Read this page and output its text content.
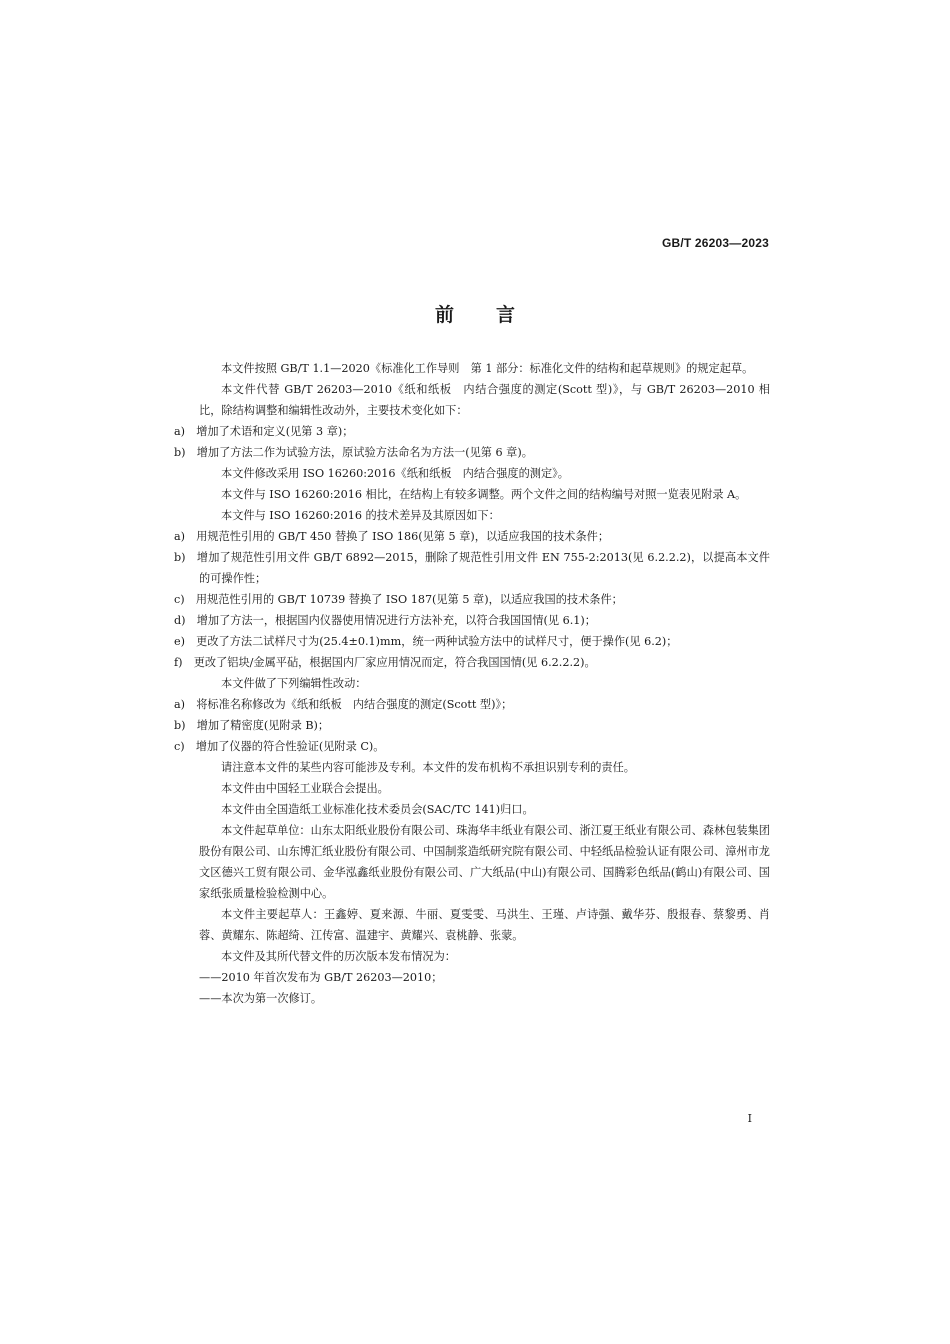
GB/T 26203—2023
前 言

本文件按照 GB/T 1.1—2020《标准化工作导则　第 1 部分：标准化文件的结构和起草规则》的规定起草。

本文件代替 GB/T 26203—2010《纸和纸板　内结合强度的测定(Scott 型)》，与 GB/T 26203—2010 相比，除结构调整和编辑性改动外，主要技术变化如下：

a)　增加了术语和定义(见第 3 章)；

b)　增加了方法二作为试验方法，原试验方法命名为方法一(见第 6 章)。

本文件修改采用 ISO 16260:2016《纸和纸板　内结合强度的测定》。

本文件与 ISO 16260:2016 相比，在结构上有较多调整。两个文件之间的结构编号对照一览表见附录 A。

本文件与 ISO 16260:2016 的技术差异及其原因如下：

a)　用规范性引用的 GB/T 450 替换了 ISO 186(见第 5 章)，以适应我国的技术条件；

b)　增加了规范性引用文件 GB/T 6892—2015，删除了规范性引用文件 EN 755-2:2013(见 6.2.2.2)，以提高本文件的可操作性；

c)　用规范性引用的 GB/T 10739 替换了 ISO 187(见第 5 章)，以适应我国的技术条件；

d)　增加了方法一，根据国内仪器使用情况进行方法补充，以符合我国国情(见 6.1)；

e)　更改了方法二试样尺寸为(25.4±0.1)mm，统一两种试验方法中的试样尺寸，便于操作(见 6.2)；

f)　更改了铝块/金属平砧，根据国内厂家应用情况而定，符合我国国情(见 6.2.2.2)。

本文件做了下列编辑性改动：

a)　将标准名称修改为《纸和纸板　内结合强度的测定(Scott 型)》；

b)　增加了精密度(见附录 B)；

c)　增加了仪器的符合性验证(见附录 C)。

请注意本文件的某些内容可能涉及专利。本文件的发布机构不承担识别专利的责任。

本文件由中国轻工业联合会提出。

本文件由全国造纸工业标准化技术委员会(SAC/TC 141)归口。

本文件起草单位：山东太阳纸业股份有限公司、珠海华丰纸业有限公司、浙江夏王纸业有限公司、森林包装集团股份有限公司、山东博汇纸业股份有限公司、中国制浆造纸研究院有限公司、中轻纸品检验认证有限公司、漳州市龙文区德兴工贸有限公司、金华泓鑫纸业股份有限公司、广大纸品(中山)有限公司、国腾彩色纸品(鹤山)有限公司、国家纸张质量检验检测中心。

本文件主要起草人：王鑫婷、夏来源、牛丽、夏雯雯、马洪生、王瑾、卢诗强、戴华芬、殷报春、蔡黎勇、肖蓉、黄耀东、陈超绮、江传富、温建宇、黄耀兴、袁桃静、张蒙。

本文件及其所代替文件的历次版本发布情况为：

——2010 年首次发布为 GB/T 26203—2010；

——本次为第一次修订。

I
